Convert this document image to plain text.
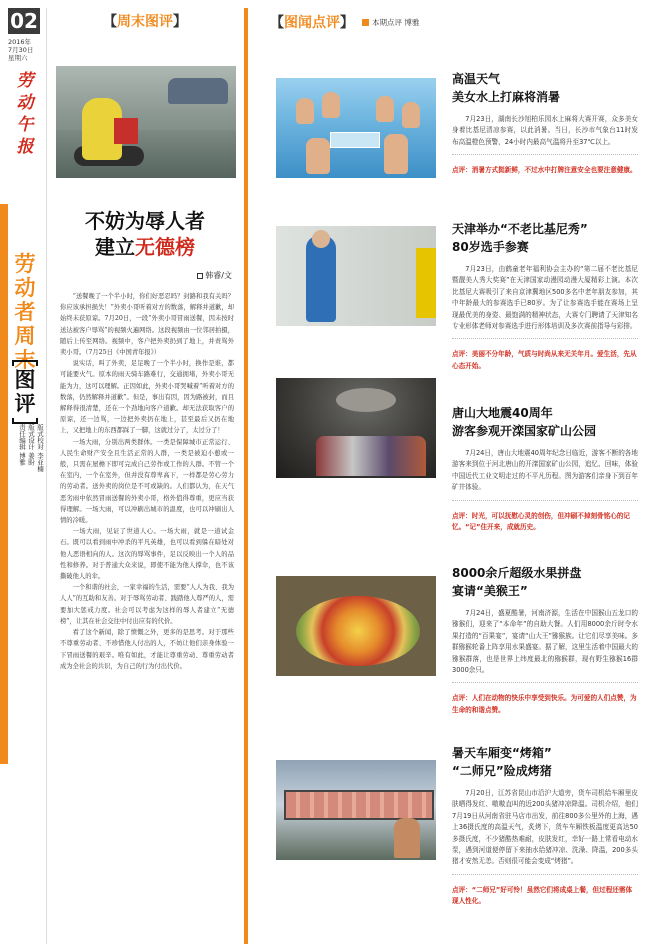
02
2016年
7月30日
星期六
劳
动
午
报
劳
动
者
周
末
图
评
版式校对 李亚楠
版式设计 姜盼
责任编辑 博雅
【周末图评】
不妨为辱人者
建立无德榜
韩睿/文

“送餐晚了一个半小时，你们好恶忍吗？封路和我有关吗？你应该承担损失！”外卖小哥听着对方的数落，解释并道歉，却始终未获原谅。7月20日，一段“外卖小哥冒雨送餐，因未按时送达被客户辱骂”的视频火遍网络。这段视频由一位邻居拍摄，随后上传至网络。视频中，客户把外卖扔到了地上，并责骂外卖小哥。（7月25日《中国青年报》）

说实话，叫了外卖，足足晚了一个半小时，换作是谁，都可能要火气。原本的雨天骑车路难行，交通拥堵，外卖小哥无能为力，这可以理解。正因如此，外卖小哥哭喊着“听着对方的数落，仍然解释并道歉”。但是，事出有因，因为路被封，而且解释得很清楚，还在一个劲地向客户道歉。却无法获取客户的原谅，还一边骂，一边把外卖扔在地上，甚至最后又扔在地上，又把地上的东西都踩了一脚，这就过分了，太过分了！

一场大雨，分别出两类群体。一类是保障城市正常运行、人民生命财产安全且生活正常的人群，一类是被迫小憩或一般，只需在屋檐下即可完成自己劳作或工作的人群。不管一个在室内，一个在室外，但并没有尊卑高下，一样都是劳心劳力的劳动者。送外卖的岗位是不可或缺的。人们都认为，在天气恶劣雨中依然冒雨送餐的外卖小哥，格外值得尊重，更应当获得理解。一场大雨，可以冲刷出城市的温度，也可以冲刷出人情的冷暖。

一场大雨，见证了世道人心。一场大雨，就是一道试金石。既可以看到雨中冲杀的平凡英雄，也可以看到躲在暗处对他人恶语相向的人。这次的辱骂事件，足以反映出一个人的品性和修养。对于普通大众来说，即使不能为他人撑伞，也不该撕破他人的伞。

一个和谐的社会，一家幸福的生活，需要“人人为我、我为人人”的互助和友善。对于辱骂劳动者、践踏他人尊严的人，需要加大惩戒力度。社会可以考虑为这样的辱人者建立“无德榜”，让其在社会交往中付出应有的代价。

看了这个新闻，除了愤慨之外，更多的是思考。对于那些不尊重劳动者、不珍惜他人付出的人，不妨让他们亲身体验一下冒雨送餐的艰辛。唯有如此，才能让尊重劳动、尊重劳动者成为全社会的共识，为自己的行为付出代价。

【图闻点评】	本期点评 博雅
高温天气
美女水上打麻将消暑
7月23日，湖南长沙旭柏乐园水上麻将大赛开赛，众多美女身着比基尼清凉参赛，以此消暑。当日，长沙市气象台11时发布高温橙色预警，24小时内最高气温将升至37℃以上。
点评：消暑方式挺新鲜，不过水中打牌注意安全也要注意健康。
天津举办“不老比基尼秀”
80岁选手参赛
7月23日，由鹤童老年福利协会主办的“第二届不老比基尼暨靓美人秀大奖赛”在天津国家动漫园动漫大厦精彩上演。本次比基尼大赛吸引了来自京津冀地区500多名中老年朋友参加，其中年龄最大的参赛选手已80岁。为了让参赛选手能在赛场上呈现最优美的身姿、最饱满的精神状态，大赛专门聘请了天津知名专业形体老师对参赛选手进行形体培训及多次赛前指导与彩排。
点评：美丽不分年龄，气质与时尚从来无关年月。爱生活，先从心态开始。
唐山大地震40周年
游客参观开滦国家矿山公园
7月24日，唐山大地震40周年纪念日临近，游客不断的各地游客来到位于河北唐山的开滦国家矿山公园，追忆、回味，体验中国近代工业文明走过的不平凡历程。图为游客们亲身下到百年矿井体验。
点评：时光，可以抚慰心灵的创伤，但冲刷不掉刻骨铭心的记忆。“记”住开来，成就历史。
8000余斤超级水果拼盘
宴请“美猴王”
7月24日，盛夏酷暑，河南济源，生活在中国猴山五龙口的猕猴们，迎来了“本命年”的自助大餐。人们用8000余斤时令水果打造的“百果宴”，宴请“山大王”猕猴族。让它们尽享美味。多群猕猴轮番上阵享用水果盛宴。据了解，这里生活着中国最大的猕猴群落，也是世界上纬度最北的猕猴群，现有野生猕猴16群3000余只。
点评：人们在动物的快乐中享受到快乐。为可爱的人们点赞，为生命的和谐点赞。
暑天车厢变“烤箱”
“二师兄”险成烤猪
7月20日，江苏省昆山市沿沪大道旁，货车司机给车厢里皮肤晒得发红、嗷嗷直叫的近200头猪冲凉降温。司机介绍，他们7月19日从河南省驻马店市出发，前往800多公里外的上海，遇上36摄氏度的高温天气，炙烤下，货车车厢铁板温度更高达50多摄氏度，不少猪酷热难耐，皮肤发红，幸好一路上常看电动水泵，遇到河道便停留下来抽水给猪冲凉、洗澡、降温，200多头猪才安然无恙。否则很可能会变成“烤猪”。
点评：“二师兄”好可怜！虽然它们将成桌上餐，但过程还需体现人性化。
